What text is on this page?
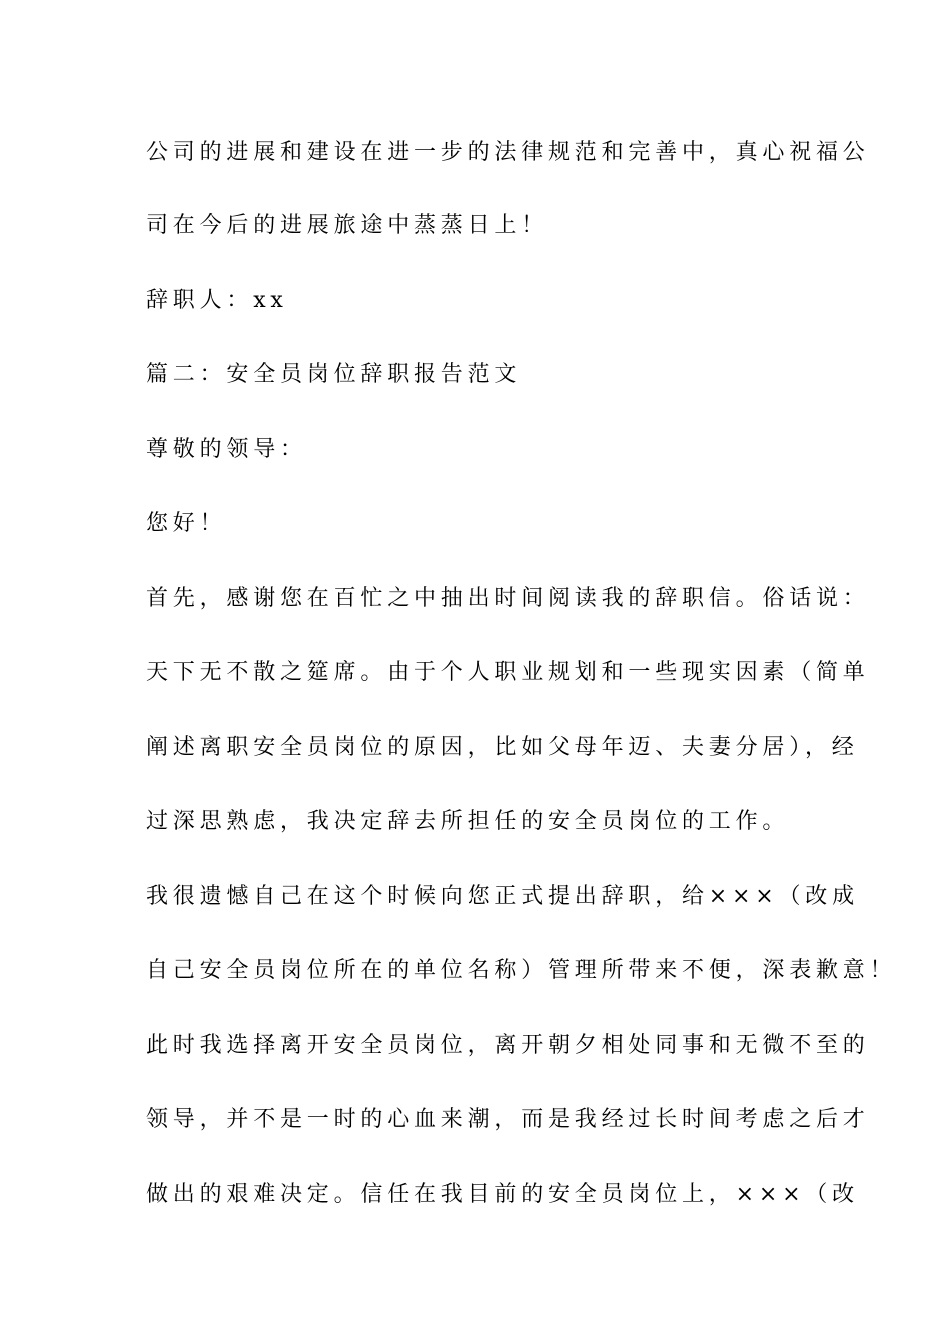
公司的进展和建设在进一步的法律规范和完善中，真心祝福公
司在今后的进展旅途中蒸蒸日上！
辞职人：xx
篇二：安全员岗位辞职报告范文
尊敬的领导：
您好！
首先，感谢您在百忙之中抽出时间阅读我的辞职信。俗话说：
天下无不散之筵席。由于个人职业规划和一些现实因素（简单
阐述离职安全员岗位的原因，比如父母年迈、夫妻分居），经
过深思熟虑，我决定辞去所担任的安全员岗位的工作。
我很遗憾自己在这个时候向您正式提出辞职，给×××（改成
自己安全员岗位所在的单位名称）管理所带来不便，深表歉意！
此时我选择离开安全员岗位，离开朝夕相处同事和无微不至的
领导，并不是一时的心血来潮，而是我经过长时间考虑之后才
做出的艰难决定。信任在我目前的安全员岗位上，×××（改
